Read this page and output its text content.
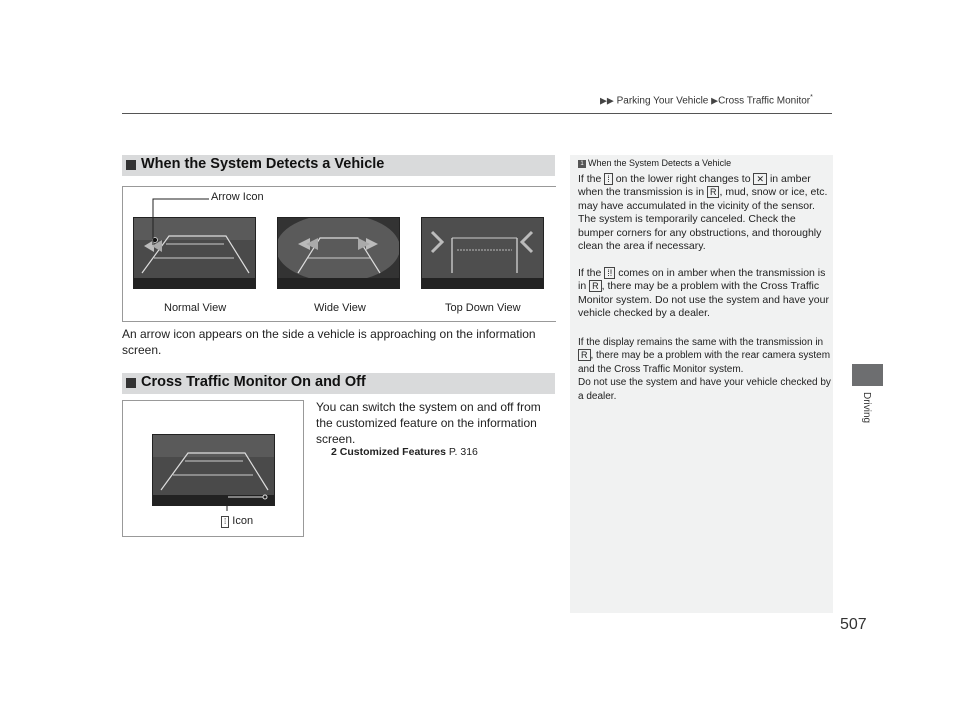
▶▶ Parking Your Vehicle ▶Cross Traffic Monitor*
Driving
When the System Detects a Vehicle
Arrow Icon
Normal View	Wide View	Top Down View
An arrow icon appears on the side a vehicle is approaching on the information screen.
Cross Traffic Monitor On and Off
⁞ Icon
You can switch the system on and off from the customized feature on the information screen.
2 Customized Features P. 316
1 When the System Detects a Vehicle
If the ⁞ on the lower right changes to ✕ in amber when the transmission is in R , mud, snow or ice, etc. may have accumulated in the vicinity of the sensor. The system is temporarily canceled. Check the bumper corners for any obstructions, and thoroughly clean the area if necessary.
If the ⁞! comes on in amber when the transmission is in R , there may be a problem with the Cross Traffic Monitor system. Do not use the system and have your vehicle checked by a dealer.
If the display remains the same with the transmission in R , there may be a problem with the rear camera system and the Cross Traffic Monitor system.
Do not use the system and have your vehicle checked by a dealer.
507
